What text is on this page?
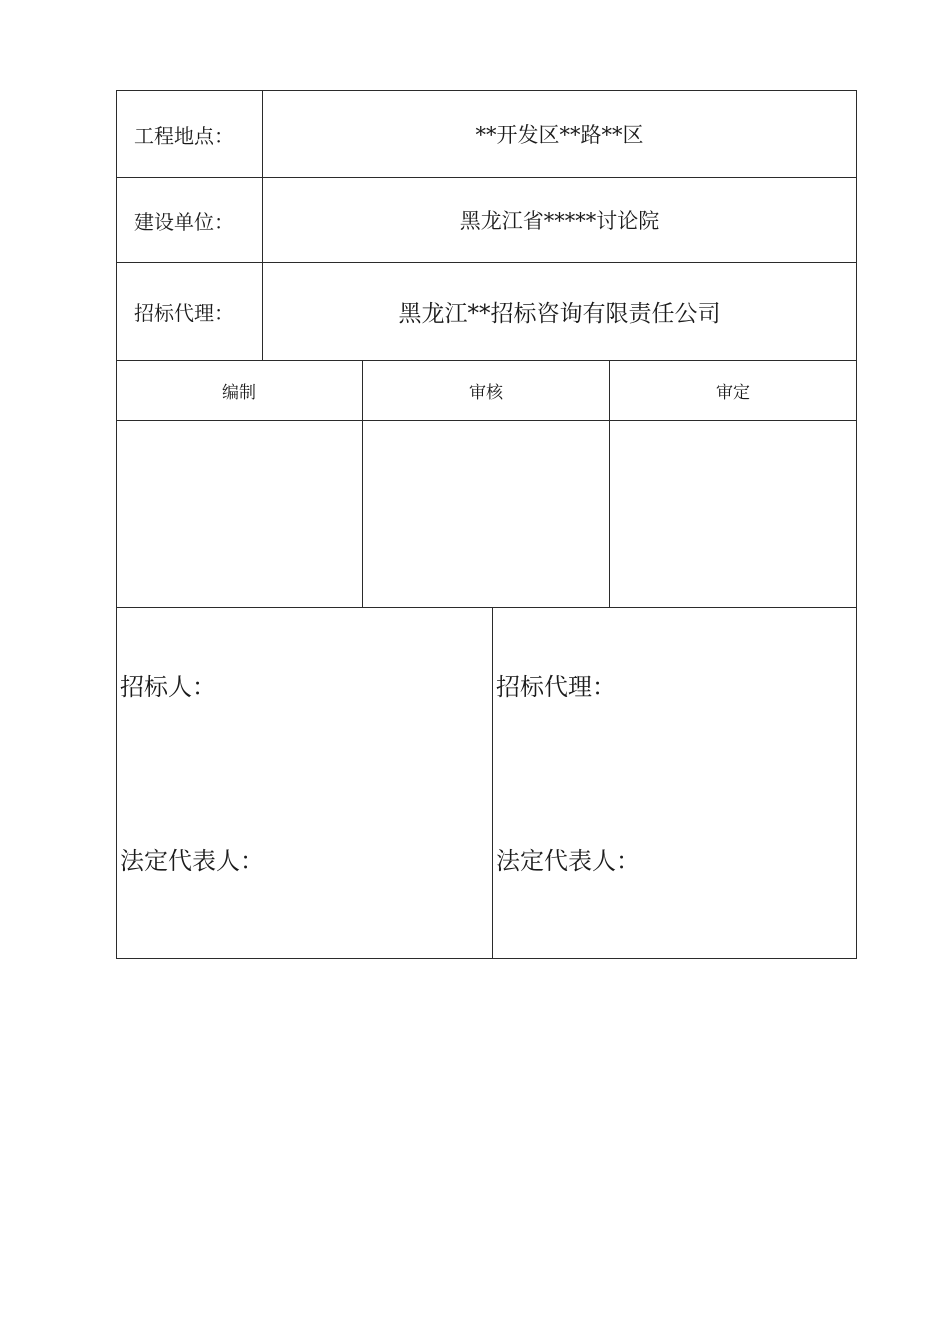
工程地点：	**开发区**路**区
建设单位：	黑龙江省*****讨论院
招标代理：	黑龙江**招标咨询有限责任公司
编制	审核	审定
招标人：
法定代表人：
招标代理：
法定代表人：
